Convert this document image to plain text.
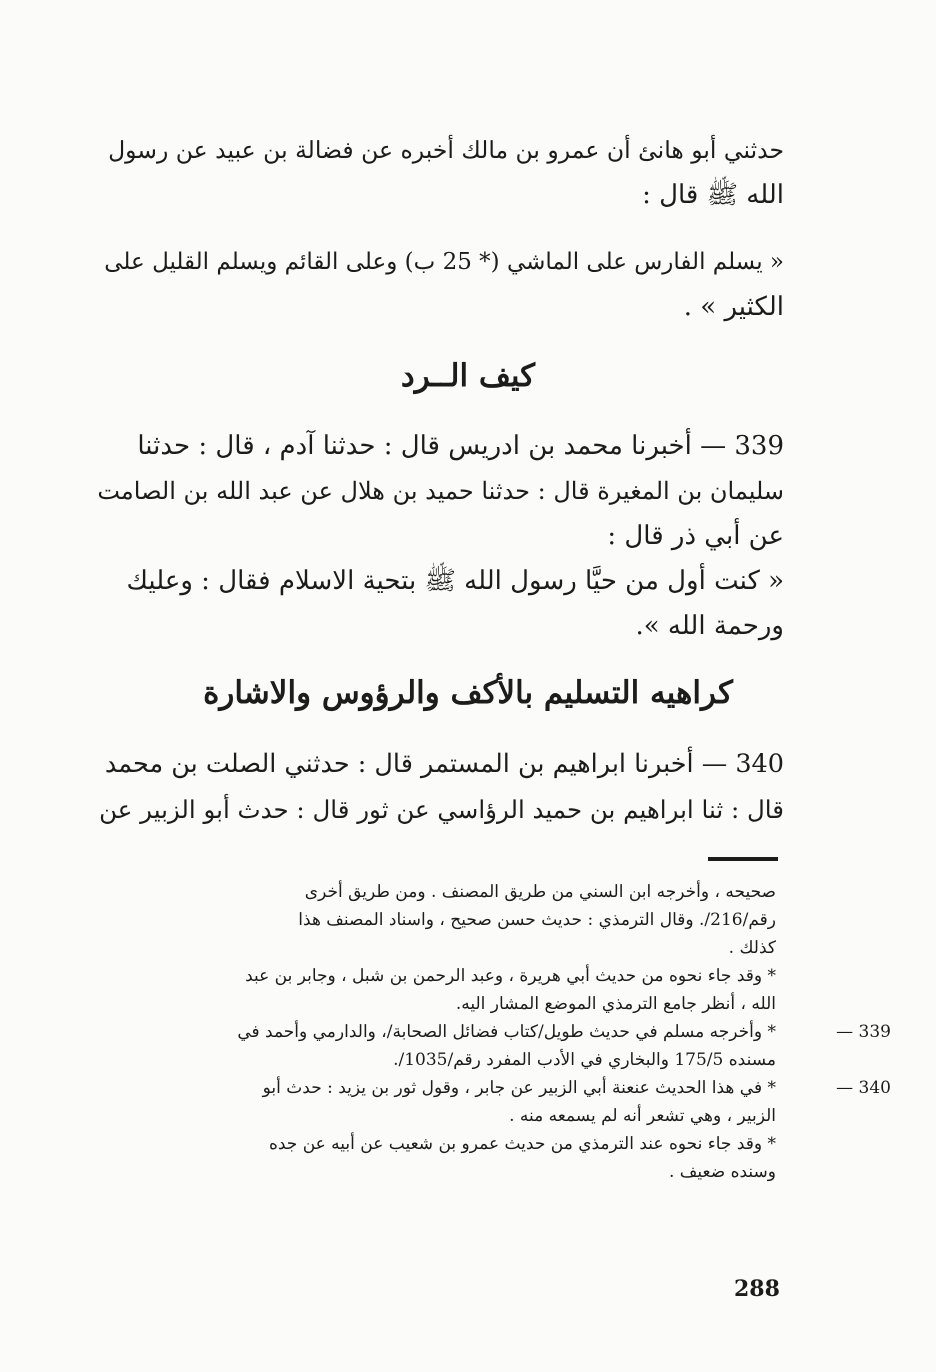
حدثني أبو هانئ أن عمرو بن مالك أخبره عن فضالة بن عبيد عن رسول
الله ﷺ قال :
« يسلم الفارس على الماشي (* 25 ب) وعلى القائم ويسلم القليل على
الكثير » .
كيف الــرد
339 — أخبرنا محمد بن ادريس قال : حدثنا آدم ، قال : حدثنا
سليمان بن المغيرة قال : حدثنا حميد بن هلال عن عبد الله بن الصامت
عن أبي ذر قال :
« كنت أول من حيَّا رسول الله ﷺ بتحية الاسلام فقال : وعليك
ورحمة الله ».
كراهيه التسليم بالأكف والرؤوس والاشارة
340 — أخبرنا ابراهيم بن المستمر قال : حدثني الصلت بن محمد
قال : ثنا ابراهيم بن حميد الرؤاسي عن ثور قال : حدث أبو الزبير عن
صحيحه ، وأخرجه ابن السني من طريق المصنف . ومن طريق أخرى
رقم/216/. وقال الترمذي : حديث حسن صحيح ، واسناد المصنف هذا
كذلك .
* وقد جاء نحوه من حديث أبي هريرة ، وعبد الرحمن بن شبل ، وجابر بن عبد
الله ، أنظر جامع الترمذي الموضع المشار اليه.
339 —
* وأخرجه مسلم في حديث طويل/كتاب فضائل الصحابة/، والدارمي وأحمد في
مسنده 175/5 والبخاري في الأدب المفرد رقم/1035/.
340 —
* في هذا الحديث عنعنة أبي الزبير عن جابر ، وقول ثور بن يزيد : حدث أبو
الزبير ، وهي تشعر أنه لم يسمعه منه .
* وقد جاء نحوه عند الترمذي من حديث عمرو بن شعيب عن أبيه عن جده
وسنده ضعيف .
288
